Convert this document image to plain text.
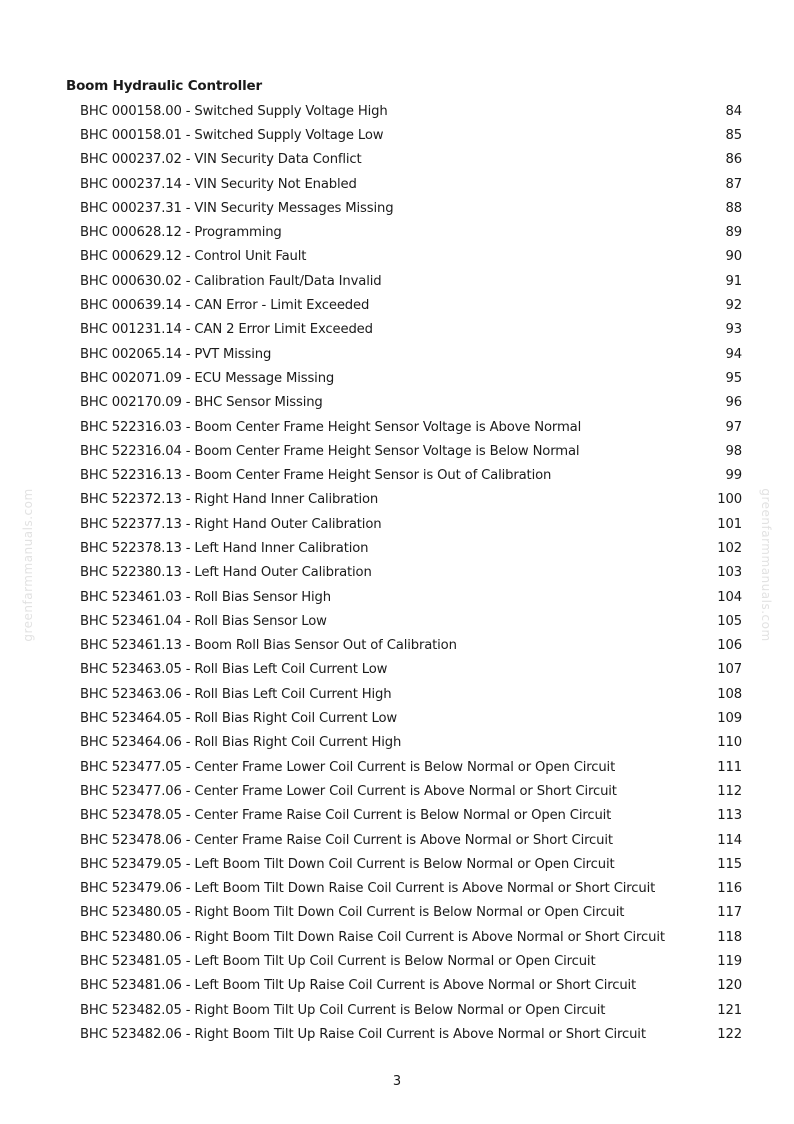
greenfarmmanuals.com	greenfarmmanuals.com
Boom Hydraulic Controller
BHC 000158.00 - Switched Supply Voltage High	84
BHC 000158.01 - Switched Supply Voltage Low	85
BHC 000237.02 - VIN Security Data Conflict	86
BHC 000237.14 - VIN Security Not Enabled	87
BHC 000237.31 - VIN Security Messages Missing	88
BHC 000628.12 - Programming	89
BHC 000629.12 - Control Unit Fault	90
BHC 000630.02 - Calibration Fault/Data Invalid	91
BHC 000639.14 - CAN Error - Limit Exceeded	92
BHC 001231.14 - CAN 2 Error Limit Exceeded	93
BHC 002065.14 - PVT Missing	94
BHC 002071.09 - ECU Message Missing	95
BHC 002170.09 - BHC Sensor Missing	96
BHC 522316.03 - Boom Center Frame Height Sensor Voltage is Above Normal	97
BHC 522316.04 - Boom Center Frame Height Sensor Voltage is Below Normal	98
BHC 522316.13 - Boom Center Frame Height Sensor is Out of Calibration	99
BHC 522372.13 - Right Hand Inner Calibration	100
BHC 522377.13 - Right Hand Outer Calibration	101
BHC 522378.13 - Left Hand Inner Calibration	102
BHC 522380.13 - Left Hand Outer Calibration	103
BHC 523461.03 - Roll Bias Sensor High	104
BHC 523461.04 - Roll Bias Sensor Low	105
BHC 523461.13 - Boom Roll Bias Sensor Out of Calibration	106
BHC 523463.05 - Roll Bias Left Coil Current Low	107
BHC 523463.06 - Roll Bias Left Coil Current High	108
BHC 523464.05 - Roll Bias Right Coil Current Low	109
BHC 523464.06 - Roll Bias Right Coil Current High	110
BHC 523477.05 - Center Frame Lower Coil Current is Below Normal or Open Circuit	111
BHC 523477.06 - Center Frame Lower Coil Current is Above Normal or Short Circuit	112
BHC 523478.05 - Center Frame Raise Coil Current is Below Normal or Open Circuit	113
BHC 523478.06 - Center Frame Raise Coil Current is Above Normal or Short Circuit	114
BHC 523479.05 - Left Boom Tilt Down Coil Current is Below Normal or Open Circuit	115
BHC 523479.06 - Left Boom Tilt Down Raise Coil Current is Above Normal or Short Circuit	116
BHC 523480.05 - Right Boom Tilt Down Coil Current is Below Normal or Open Circuit	117
BHC 523480.06 - Right Boom Tilt Down Raise Coil Current is Above Normal or Short Circuit	118
BHC 523481.05 - Left Boom Tilt Up Coil Current is Below Normal or Open Circuit	119
BHC 523481.06 - Left Boom Tilt Up Raise Coil Current is Above Normal or Short Circuit	120
BHC 523482.05 - Right Boom Tilt Up Coil Current is Below Normal or Open Circuit	121
BHC 523482.06 - Right Boom Tilt Up Raise Coil Current is Above Normal or Short Circuit	122
3
